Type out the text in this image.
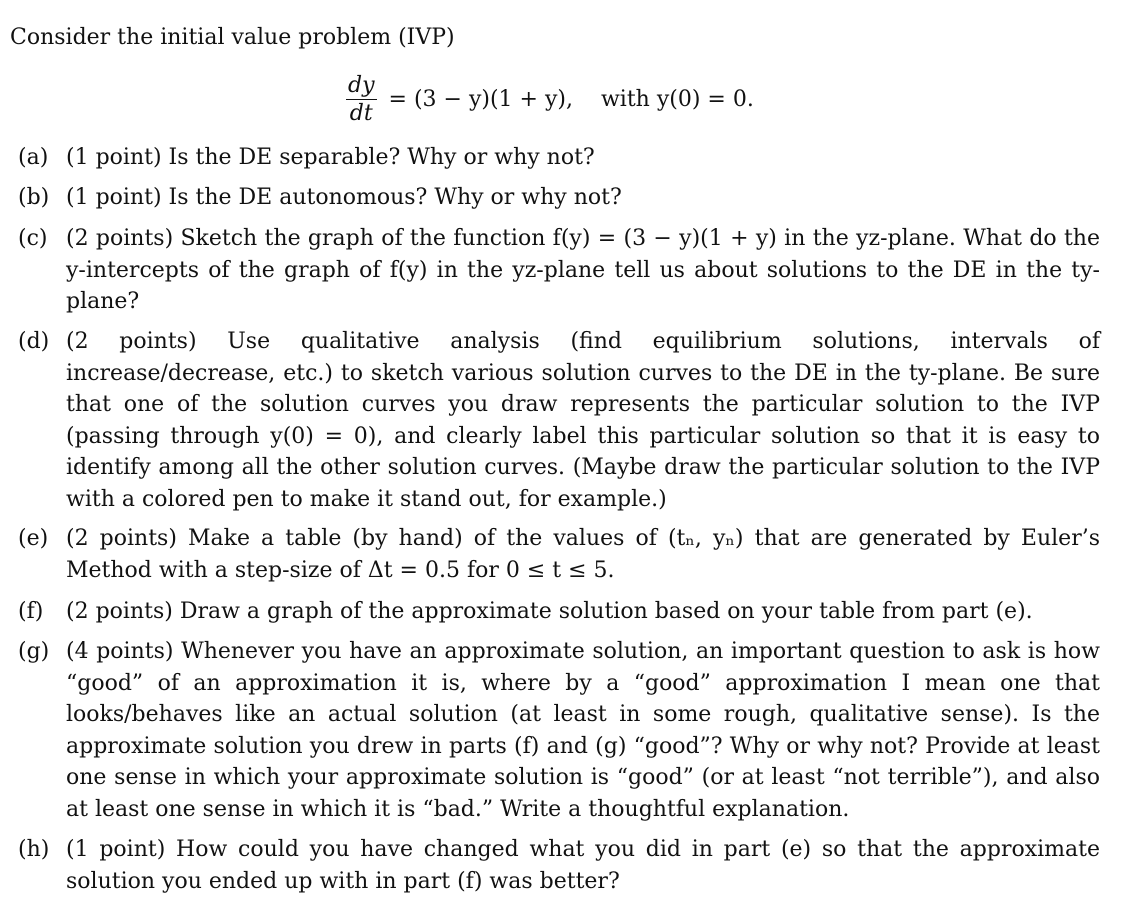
Consider the initial value problem (IVP)
$\frac{dy}{dt} = (3 - y)(1 + y)$, with y(0) = 0.
(a) (1 point) Is the DE separable? Why or why not?
(b) (1 point) Is the DE autonomous? Why or why not?
(c) (2 points) Sketch the graph of the function f(y) = (3 − y)(1 + y) in the yz-plane. What do the y-intercepts of the graph of f(y) in the yz-plane tell us about solutions to the DE in the ty-plane?
(d) (2 points) Use qualitative analysis (find equilibrium solutions, intervals of increase/decrease, etc.) to sketch various solution curves to the DE in the ty-plane. Be sure that one of the solution curves you draw represents the particular solution to the IVP (passing through y(0) = 0), and clearly label this particular solution so that it is easy to identify among all the other solution curves. (Maybe draw the particular solution to the IVP with a colored pen to make it stand out, for example.)
(e) (2 points) Make a table (by hand) of the values of (tₙ, yₙ) that are generated by Euler’s Method with a step-size of Δt = 0.5 for 0 ≤ t ≤ 5.
(f)	(2 points) Draw a graph of the approximate solution based on your table from part (e).
(g) (4 points) Whenever you have an approximate solution, an important question to ask is how “good” of an approximation it is, where by a “good” approximation I mean one that looks/behaves like an actual solution (at least in some rough, qualitative sense). Is the approximate solution you drew in parts (f) and (g) “good”? Why or why not? Provide at least one sense in which your approximate solution is “good” (or at least “not terrible”), and also at least one sense in which it is “bad.” Write a thoughtful explanation.
(h) (1 point) How could you have changed what you did in part (e) so that the approximate solution you ended up with in part (f) was better?
